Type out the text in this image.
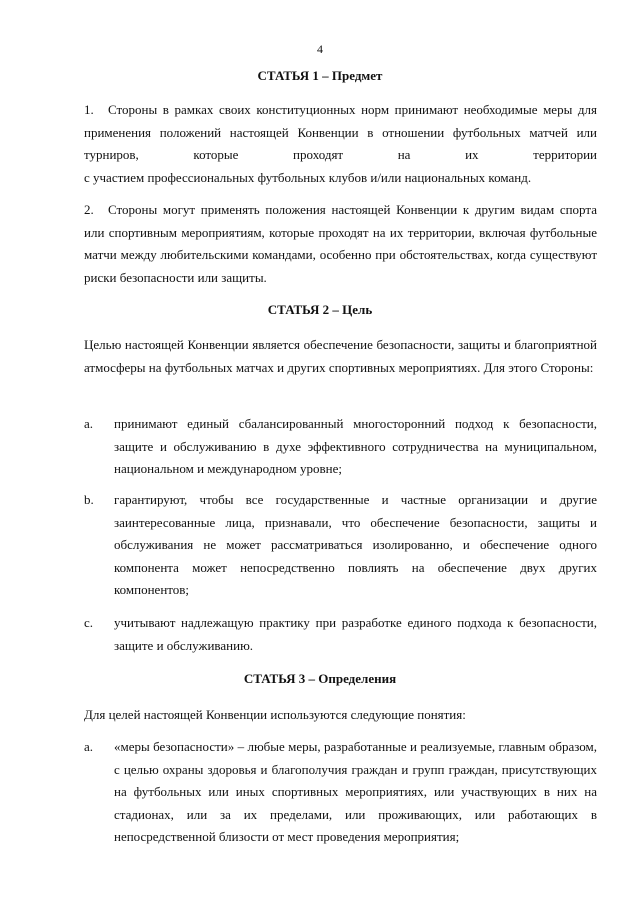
4
СТАТЬЯ 1 – Предмет
1. Стороны в рамках своих конституционных норм принимают необходимые меры для
применения положений настоящей Конвенции в отношении футбольных матчей или
турниров, которые проходят на их территории
с участием профессиональных футбольных клубов и/или национальных команд.
2. Стороны могут применять положения настоящей Конвенции к другим видам спорта или спортивным мероприятиям, которые проходят на их территории, включая футбольные матчи между любительскими командами, особенно при обстоятельствах, когда существуют риски безопасности или защиты.
СТАТЬЯ 2 – Цель
Целью настоящей Конвенции является обеспечение безопасности, защиты и благоприятной атмосферы на футбольных матчах и других спортивных мероприятиях. Для этого Стороны:
a. принимают единый сбалансированный многосторонний подход к безопасности, защите и обслуживанию в духе эффективного сотрудничества на муниципальном, национальном и международном уровне;
b. гарантируют, чтобы все государственные и частные организации и другие заинтересованные лица, признавали, что обеспечение безопасности, защиты и обслуживания не может рассматриваться изолированно, и обеспечение одного компонента может непосредственно повлиять на обеспечение двух других компонентов;
c. учитывают надлежащую практику при разработке единого подхода к безопасности, защите и обслуживанию.
СТАТЬЯ 3 – Определения
Для целей настоящей Конвенции используются следующие понятия:
a. «меры безопасности» – любые меры, разработанные и реализуемые, главным образом, с целью охраны здоровья и благополучия граждан и групп граждан, присутствующих на футбольных или иных спортивных мероприятиях, или участвующих в них на стадионах, или за их пределами, или проживающих, или работающих в непосредственной близости от мест проведения мероприятия;
